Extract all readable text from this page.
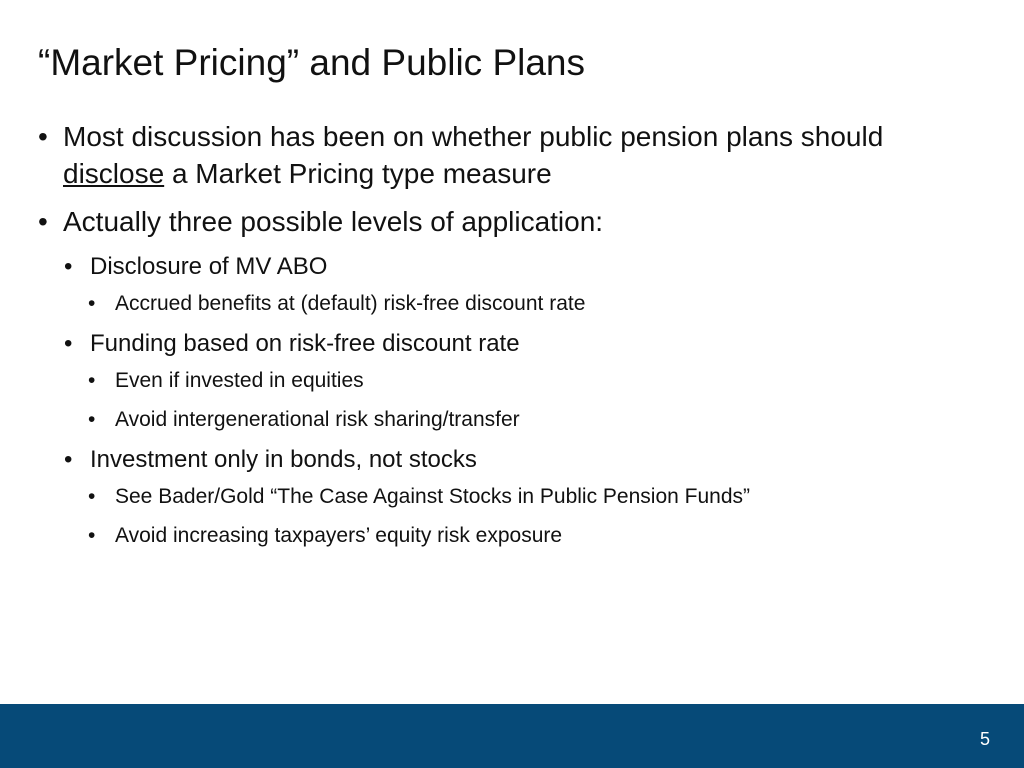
“Market Pricing” and Public Plans
• Most discussion has been on whether public pension plans should
disclose a Market Pricing type measure
• Actually three possible levels of application:
• Disclosure of MV ABO
• Accrued benefits at (default) risk-free discount rate
• Funding based on risk-free discount rate
• Even if invested in equities
• Avoid intergenerational risk sharing/transfer
• Investment only in bonds, not stocks
• See Bader/Gold “The Case Against Stocks in Public Pension Funds”
• Avoid increasing taxpayers’ equity risk exposure
5
